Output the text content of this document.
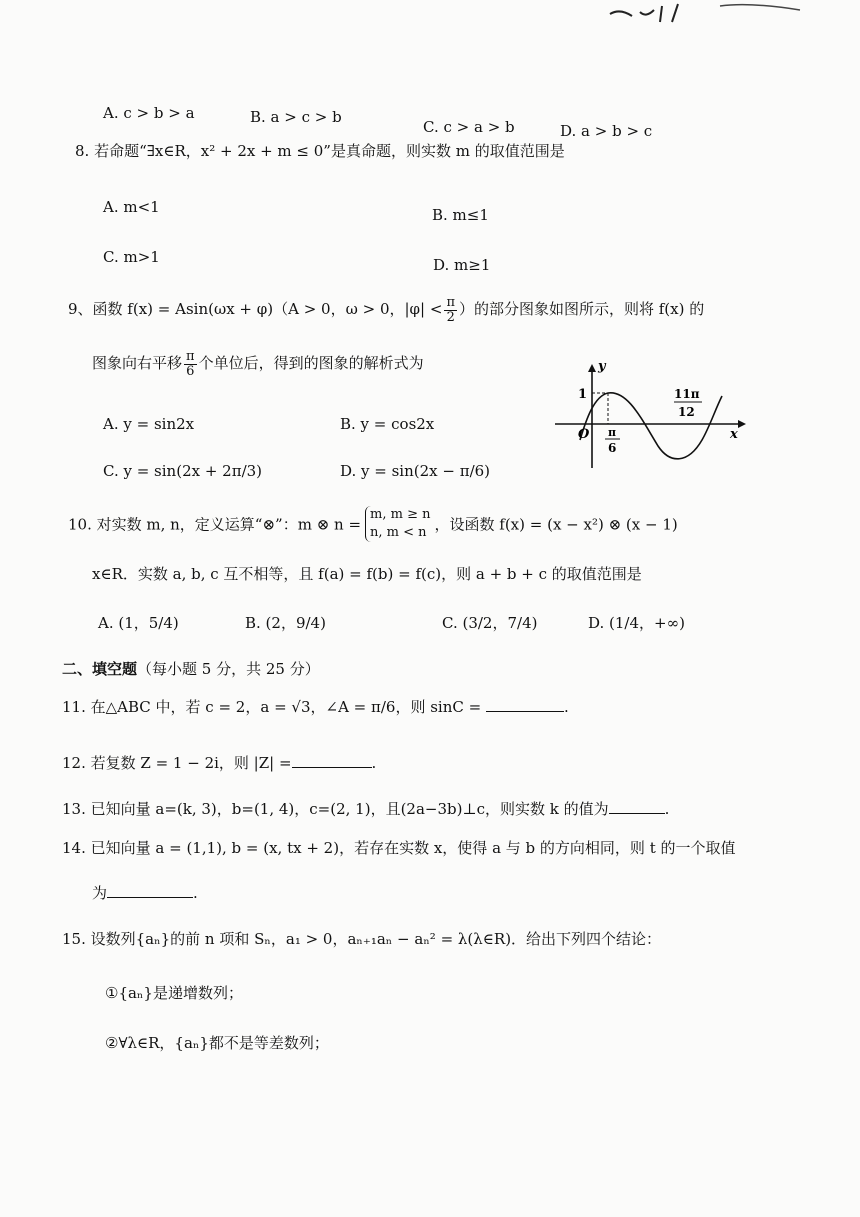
A. c > b > a	B. a > c > b
C. c > a > b	D. a > b > c
8. 若命题“∃x∈R，x² + 2x + m ≤ 0”是真命题，则实数 m 的取值范围是
A. m<1	B. m≤1
C. m>1	D. m≥1
9、函数 f(x) = Asin(ωx + φ)（A > 0，ω > 0，$|\varphi| < \frac{\pi}{2}$ ）的部分图象如图所示，则将 f(x) 的
图象向右平移 $\frac{\pi}{6}$ 个单位后，得到的图象的解析式为
A. y = sin2x	B. y = cos2x
C. y = sin(2x + 2π/3)	D. y = sin(2x − π/6)
y
x
O
1
π
6
11π
12
10. 对实数 m, n，定义运算“⊗”：m ⊗ n =
m, m ≥ n
n, m < n ，设函数 f(x) = (x − x²) ⊗ (x − 1)
x∈R．实数 a, b, c 互不相等，且 f(a) = f(b) = f(c)，则 a + b + c 的取值范围是
A. (1，5/4)	B. (2，9/4)	C. (3/2，7/4)	D. (1/4，+∞)
二、填空题（每小题 5 分，共 25 分）
11. 在△ABC 中，若 c = 2，a = √3，∠A = π/6，则 sinC =	.
12. 若复数 Z = 1 − 2i，则 |Z| =	.
13. 已知向量 a=(k, 3)，b=(1, 4)，c=(2, 1)，且(2a−3b)⊥c，则实数 k 的值为	.
14. 已知向量 a = (1,1), b = (x, tx + 2)，若存在实数 x，使得 a 与 b 的方向相同，则 t 的一个取值
为	.
15. 设数列{aₙ}的前 n 项和 Sₙ，a₁ > 0，aₙ₊₁aₙ − aₙ² = λ(λ∈R)．给出下列四个结论：
①{aₙ}是递增数列；
②∀λ∈R，{aₙ}都不是等差数列；
